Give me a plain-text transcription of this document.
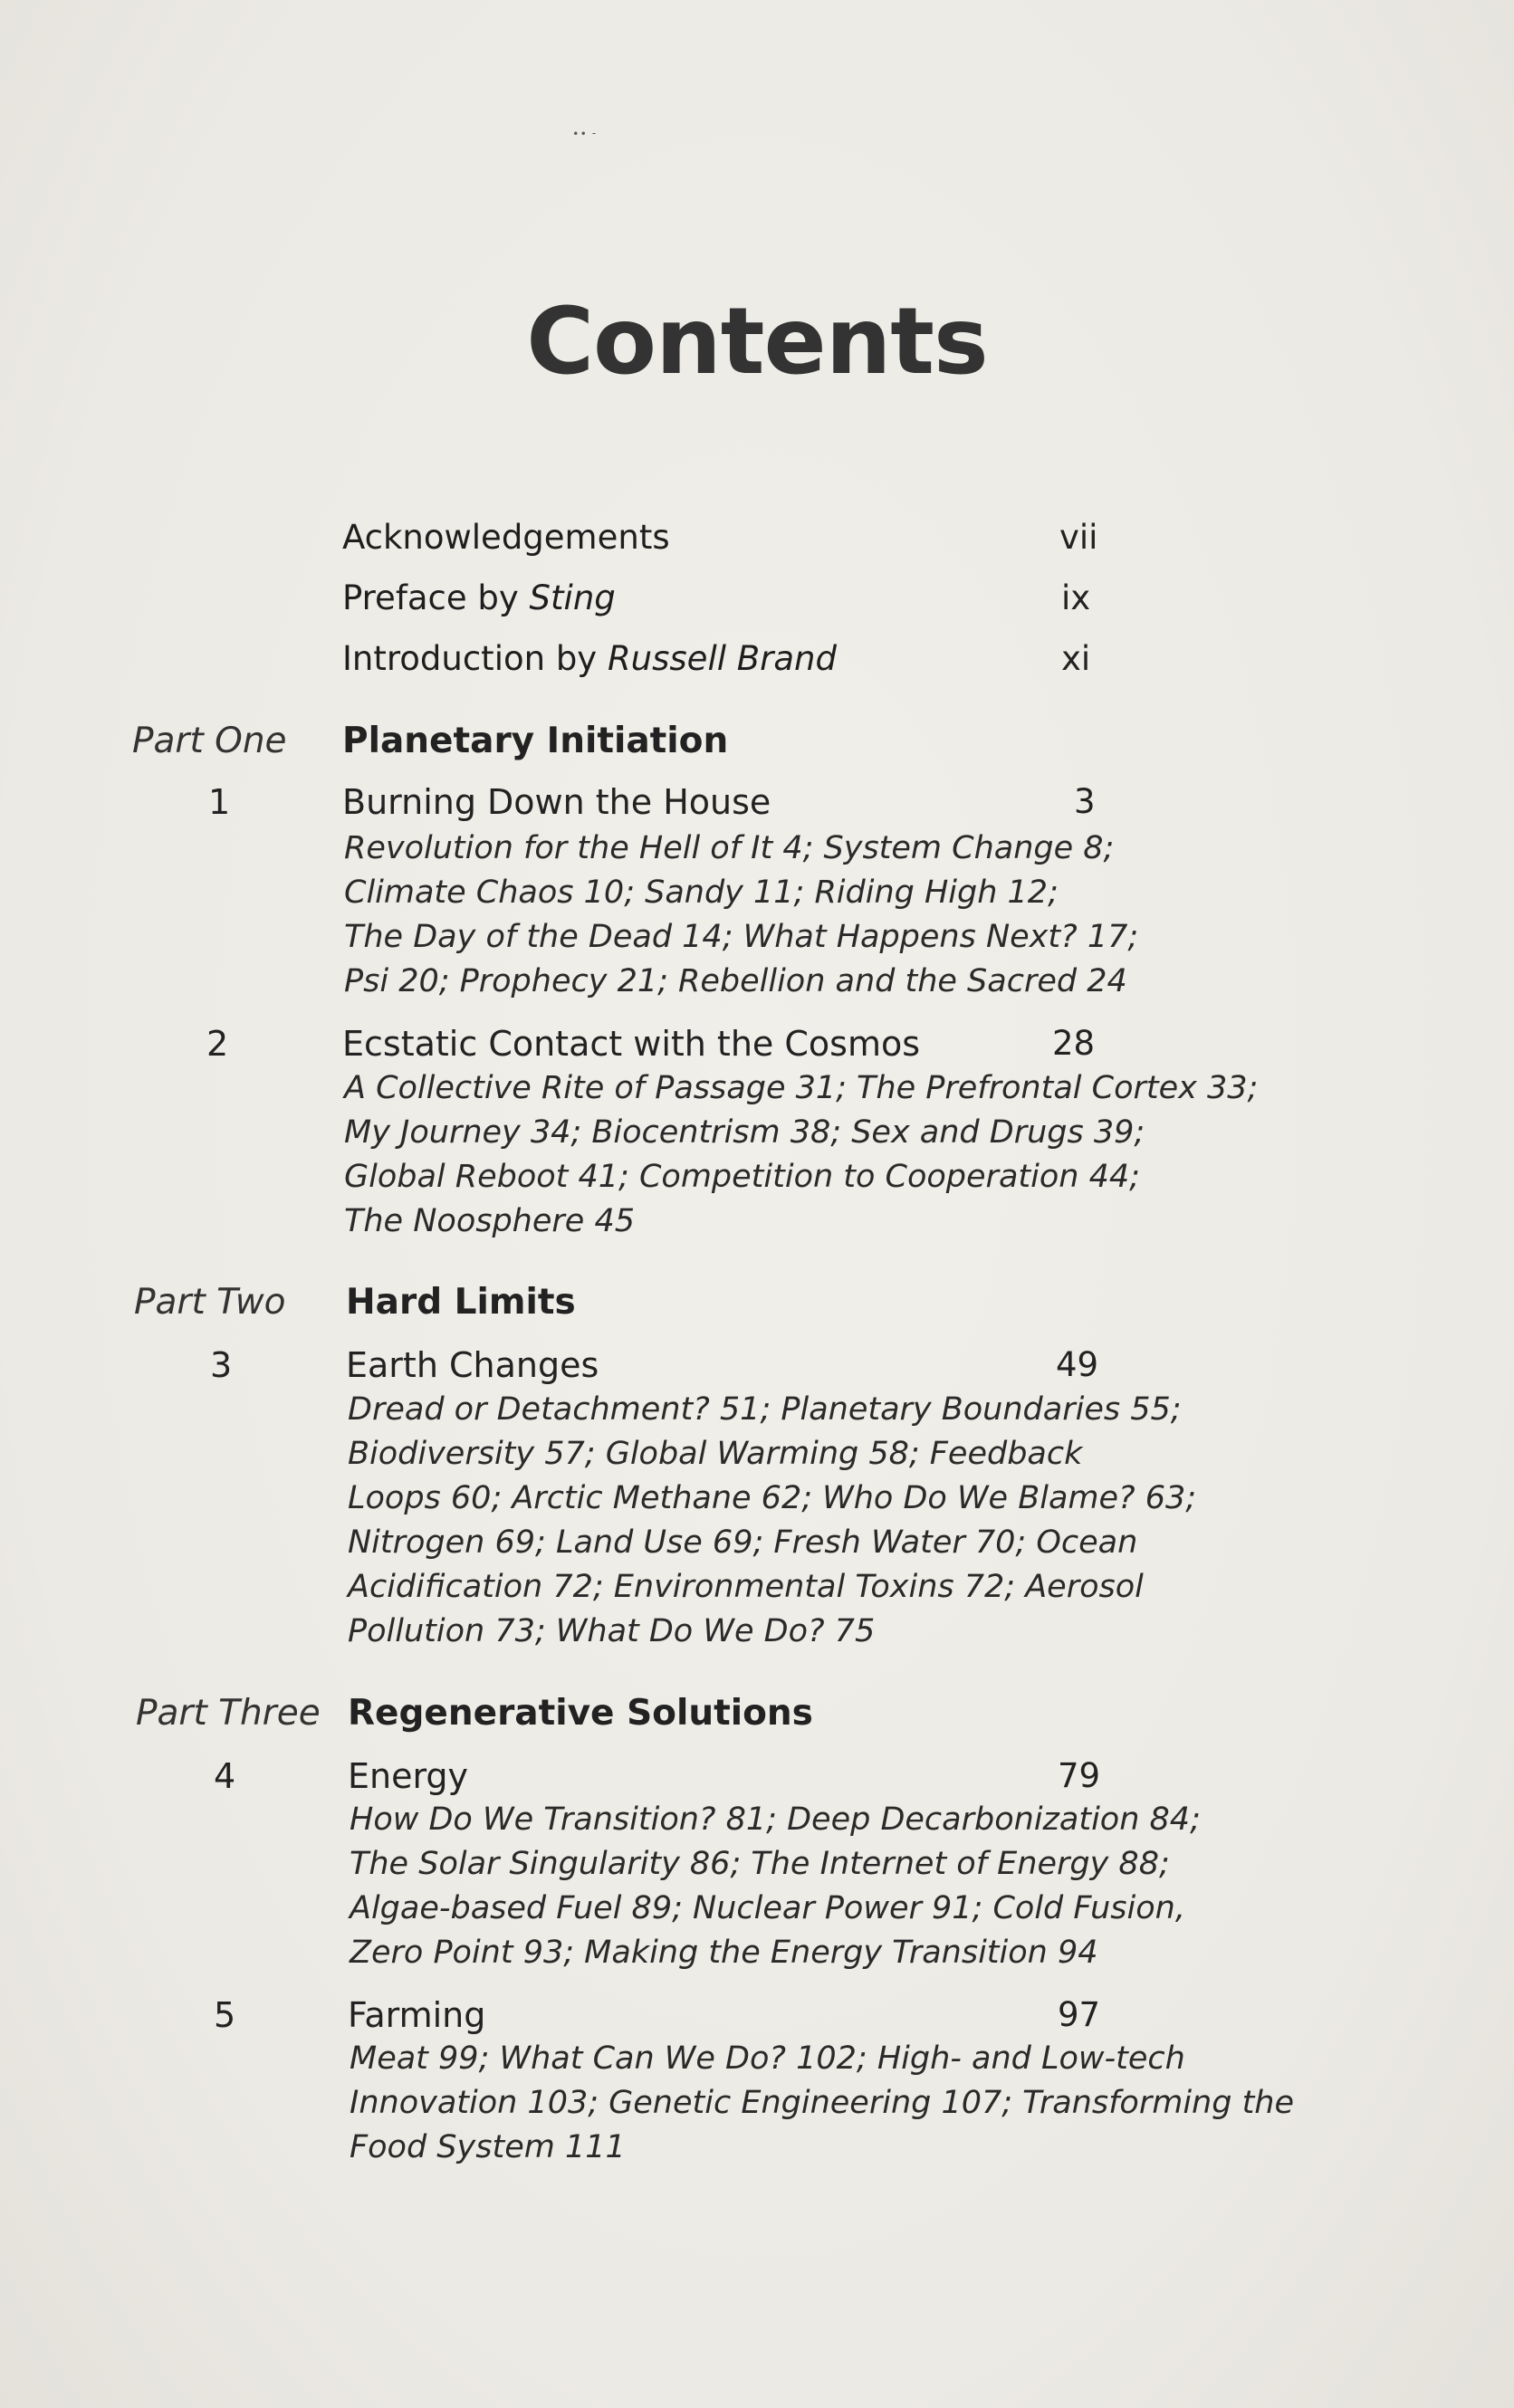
∙∙ -
Contents
Acknowledgements	vii
Preface by Sting	ix
Introduction by Russell Brand	xi
Part One Planetary Initiation
1	Burning Down the House	3
Revolution for the Hell of It 4; System Change 8;
Climate Chaos 10; Sandy 11; Riding High 12;
The Day of the Dead 14; What Happens Next? 17;
Psi 20; Prophecy 21; Rebellion and the Sacred 24
2	Ecstatic Contact with the Cosmos	28
A Collective Rite of Passage 31; The Prefrontal Cortex 33;
My Journey 34; Biocentrism 38; Sex and Drugs 39;
Global Reboot 41; Competition to Cooperation 44;
The Noosphere 45
Part Two Hard Limits
3	Earth Changes	49
Dread or Detachment? 51; Planetary Boundaries 55;
Biodiversity 57; Global Warming 58; Feedback
Loops 60; Arctic Methane 62; Who Do We Blame? 63;
Nitrogen 69; Land Use 69; Fresh Water 70; Ocean
Acidification 72; Environmental Toxins 72; Aerosol
Pollution 73; What Do We Do? 75
Part Three Regenerative Solutions
4	Energy	79
How Do We Transition? 81; Deep Decarbonization 84;
The Solar Singularity 86; The Internet of Energy 88;
Algae-based Fuel 89; Nuclear Power 91; Cold Fusion,
Zero Point 93; Making the Energy Transition 94
5	Farming	97
Meat 99; What Can We Do? 102; High- and Low-tech
Innovation 103; Genetic Engineering 107; Transforming the
Food System 111
